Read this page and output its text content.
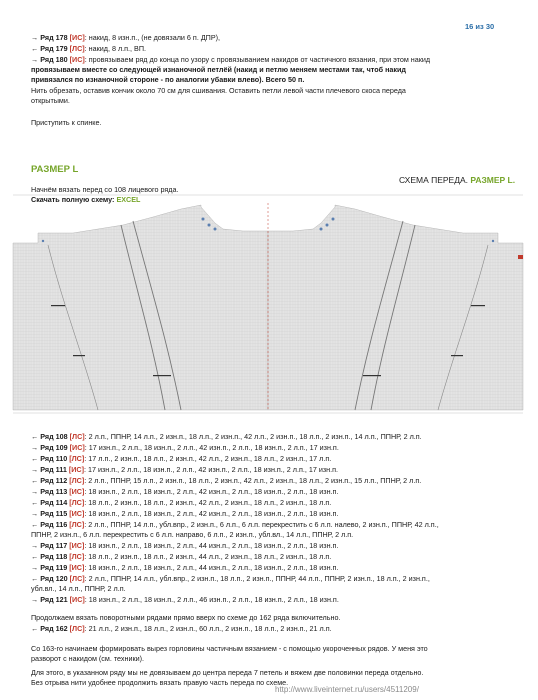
16 из 30
→ Ряд 178 [ИС]: накид, 8 изн.п., (не довязали 6 п. ДПР),
← Ряд 179 [ЛС]: накид, 8 л.п., ВП.
→ Ряд 180 [ИС]: провязываем ряд до конца по узору с провязыванием накидов от частичного вязания, при этом накид
провязываем вместе со следующей изнаночной петлёй (накид и петлю меняем местами так, чтоб накид
привязался по изнаночной стороне - по аналогии убавки влево). Всего 50 п.
Нить обрезать, оставив кончик около 70 см для сшивания. Оставить петли левой части плечевого скоса переда
открытыми.
Приступить к спинке.
РАЗМЕР L
Начнём вязать перед со 108 лицевого ряда.
Скачать полную схему: EXCEL
СХЕМА ПЕРЕДА. РАЗМЕР L.
← Ряд 108 [ЛС]: 2 л.п., ППНР, 14 л.п., 2 изн.п., 18 л.п., 2 изн.п., 42 л.п., 2 изн.п., 18 л.п., 2 изн.п., 14 л.п., ППНР, 2 л.п.
→ Ряд 109 [ИС]: 17 изн.п., 2 л.п., 18 изн.п., 2 л.п., 42 изн.п., 2 л.п., 18 изн.п., 2 л.п., 17 изн.п.
← Ряд 110 [ЛС]: 17 л.п., 2 изн.п., 18 л.п., 2 изн.п., 42 л.п., 2 изн.п., 18 л.п., 2 изн.п., 17 л.п.
→ Ряд 111 [ИС]: 17 изн.п., 2 л.п., 18 изн.п., 2 л.п., 42 изн.п., 2 л.п., 18 изн.п., 2 л.п., 17 изн.п.
← Ряд 112 [ЛС]: 2 л.п., ППНР, 15 л.п., 2 изн.п., 18 л.п., 2 изн.п., 42 л.п., 2 изн.п., 18 л.п., 2 изн.п., 15 л.п., ППНР, 2 л.п.
→ Ряд 113 [ИС]: 18 изн.п., 2 л.п., 18 изн.п., 2 л.п., 42 изн.п., 2 л.п., 18 изн.п., 2 л.п., 18 изн.п.
← Ряд 114 [ЛС]: 18 л.п., 2 изн.п., 18 л.п., 2 изн.п., 42 л.п., 2 изн.п., 18 л.п., 2 изн.п., 18 л.п.
→ Ряд 115 [ИС]: 18 изн.п., 2 л.п., 18 изн.п., 2 л.п., 42 изн.п., 2 л.п., 18 изн.п., 2 л.п., 18 изн.п.
← Ряд 116 [ЛС]: 2 л.п., ППНР, 14 л.п., убл.впр., 2 изн.п., 6 л.п., 6 л.п. перекрестить с 6 л.п. налево, 2 изн.п., ППНР, 42 л.п.,
ППНР, 2 изн.п., 6 л.п. перекрестить с 6 л.п. направо, 6 л.п., 2 изн.п., убл.вл., 14 л.п., ППНР, 2 л.п.
→ Ряд 117 [ИС]: 18 изн.п., 2 л.п., 18 изн.п., 2 л.п., 44 изн.п., 2 л.п., 18 изн.п., 2 л.п., 18 изн.п.
← Ряд 118 [ЛС]: 18 л.п., 2 изн.п., 18 л.п., 2 изн.п., 44 л.п., 2 изн.п., 18 л.п., 2 изн.п., 18 л.п.
→ Ряд 119 [ИС]: 18 изн.п., 2 л.п., 18 изн.п., 2 л.п., 44 изн.п., 2 л.п., 18 изн.п., 2 л.п., 18 изн.п.
← Ряд 120 [ЛС]: 2 л.п., ППНР, 14 л.п., убл.впр., 2 изн.п., 18 л.п., 2 изн.п., ППНР, 44 л.п., ППНР, 2 изн.п., 18 л.п., 2 изн.п.,
убл.вл., 14 л.п., ППНР, 2 л.п.
→ Ряд 121 [ИС]: 18 изн.п., 2 л.п., 18 изн.п., 2 л.п., 46 изн.п., 2 л.п., 18 изн.п., 2 л.п., 18 изн.п.
Продолжаем вязать поворотными рядами прямо вверх по схеме до 162 ряда включительно.
← Ряд 162 [ЛС]: 21 л.п., 2 изн.п., 18 л.п., 2 изн.п., 60 л.п., 2 изн.п., 18 л.п., 2 изн.п., 21 л.п.
Со 163-го начинаем формировать вырез горловины частичным вязанием - с помощью укороченных рядов. У меня это
разворот с накидом (см. техники).
Для этого, в указанном ряду мы не довязываем до центра переда 7 петель и вяжем две половинки переда отдельно.
Без отрыва нити удобнее продолжить вязать правую часть переда по схеме.
http://www.liveinternet.ru/users/4511209/
